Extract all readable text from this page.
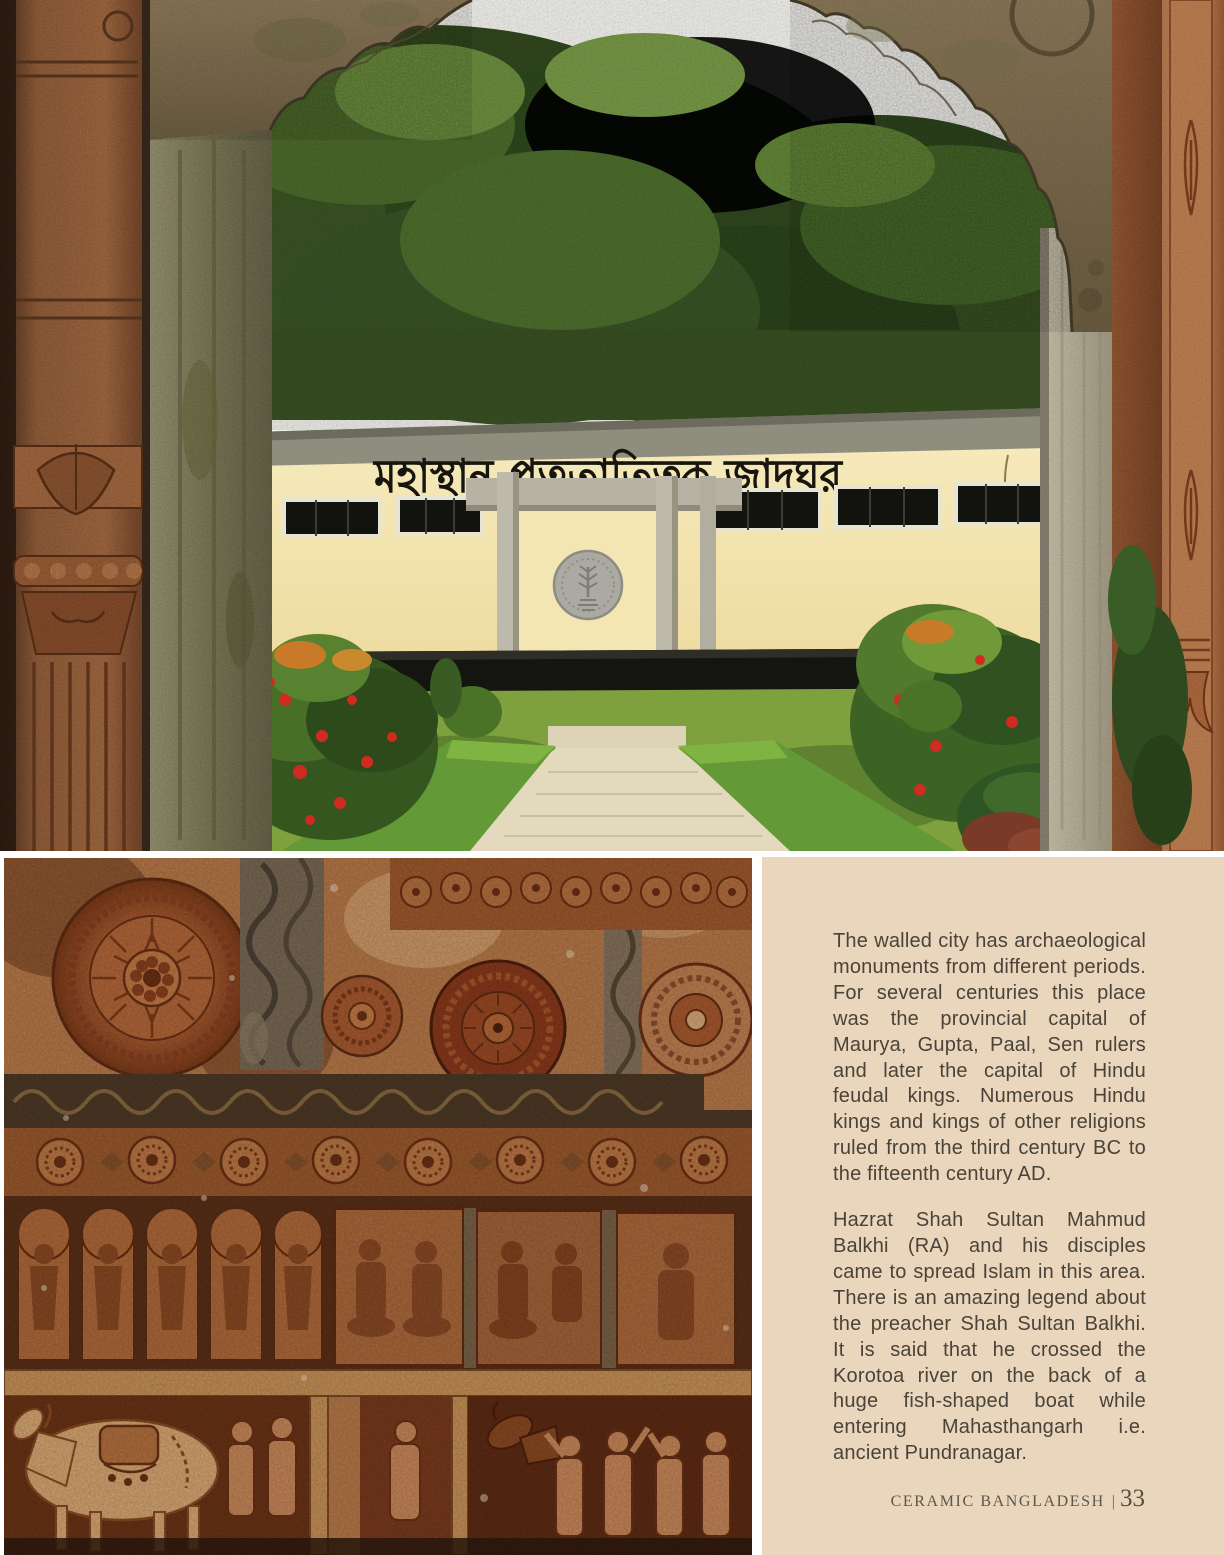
মহাস্থান প্রত্নতাত্ত্বিক জাদুঘর

The walled city has archaeological monuments from different periods. For several centuries this place was the provincial capital of Maurya, Gupta, Paal, Sen rulers and later the capital of Hindu feudal kings. Numerous Hindu kings and kings of other religions ruled from the third century BC to the fifteenth century AD.

Hazrat Shah Sultan Mahmud Balkhi (RA) and his disciples came to spread Islam in this area. There is an amazing legend about the preacher Shah Sultan Balkhi. It is said that he crossed the Korotoa river on the back of a huge fish-shaped boat while entering Mahasthangarh i.e. ancient Pundranagar.

CERAMIC BANGLADESH | 33
